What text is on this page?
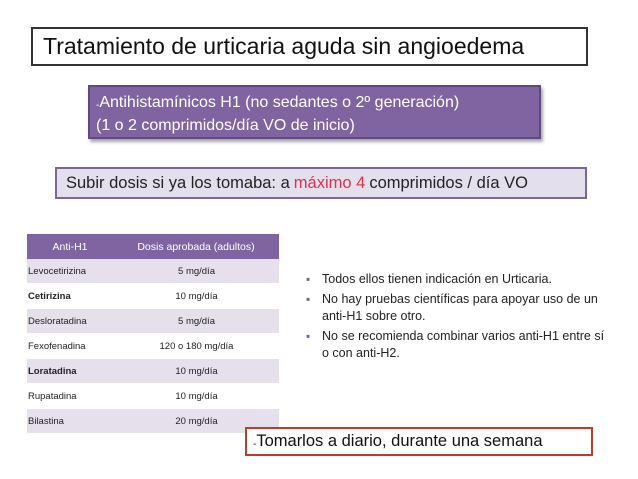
Tratamiento de urticaria aguda sin angioedema
-Antihistamínicos H1 (no sedantes o 2º generación)
(1 o 2 comprimidos/día VO de inicio)
Subir dosis si ya los tomaba: a máximo 4 comprimidos / día VO
Anti-H1	Dosis aprobada (adultos)
Levocetirizina	5 mg/día
Cetirizina	10 mg/día
Desloratadina	5 mg/día
Fexofenadina	120 o 180 mg/día
Loratadina	10 mg/día
Rupatadina	10 mg/día
Bilastina	20 mg/día
▪ Todos ellos tienen indicación en Urticaria.
▪ No hay pruebas científicas para apoyar uso de un anti-H1 sobre otro.
▪ No se recomienda combinar varios anti-H1 entre sí o con anti-H2.
- Tomarlos a diario, durante una semana
